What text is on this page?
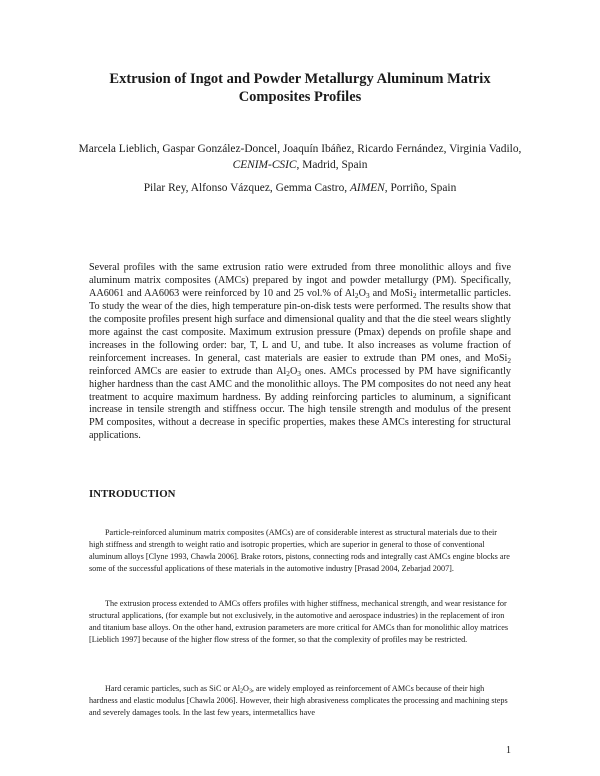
Extrusion of Ingot and Powder Metallurgy Aluminum Matrix
Composites Profiles
Marcela Lieblich, Gaspar González-Doncel, Joaquín Ibáñez, Ricardo Fernández, Virginia Vadilo, CENIM-CSIC, Madrid, Spain
Pilar Rey, Alfonso Vázquez, Gemma Castro, AIMEN, Porriño, Spain
Several profiles with the same extrusion ratio were extruded from three monolithic alloys and five aluminum matrix composites (AMCs) prepared by ingot and powder metallurgy (PM). Specifically, AA6061 and AA6063 were reinforced by 10 and 25 vol.% of $Al_2O_3$ and MoSi$_2$ intermetallic particles. To study the wear of the dies, high temperature pin-on-disk tests were performed. The results show that the composite profiles present high surface and dimensional quality and that the die steel wears slightly more against the cast composite. Maximum extrusion pressure (Pmax) depends on profile shape and increases in the following order: bar, T, L and U, and tube. It also increases as volume fraction of reinforcement increases. In general, cast materials are easier to extrude than PM ones, and MoSi$_2$ reinforced AMCs are easier to extrude than $Al_2O_3$ ones. AMCs processed by PM have significantly higher hardness than the cast AMC and the monolithic alloys. The PM composites do not need any heat treatment to acquire maximum hardness. By adding reinforcing particles to aluminum, a significant increase in tensile strength and stiffness occur. The high tensile strength and modulus of the present PM composites, without a decrease in specific properties, makes these AMCs interesting for structural applications.
INTRODUCTION
Particle-reinforced aluminum matrix composites (AMCs) are of considerable interest as structural materials due to their high stiffness and strength to weight ratio and isotropic properties, which are superior in general to those of conventional aluminum alloys [Clyne 1993, Chawla 2006]. Brake rotors, pistons, connecting rods and integrally cast AMCs engine blocks are some of the successful applications of these materials in the automotive industry [Prasad 2004, Zebarjad 2007].
The extrusion process extended to AMCs offers profiles with higher stiffness, mechanical strength, and wear resistance for structural applications, (for example but not exclusively, in the automotive and aerospace industries) in the replacement of iron and titanium base alloys. On the other hand, extrusion parameters are more critical for AMCs than for monolithic alloy matrices [Lieblich 1997] because of the higher flow stress of the former, so that the complexity of profiles may be restricted.
Hard ceramic particles, such as SiC or $Al_2O_3$, are widely employed as reinforcement of AMCs because of their high hardness and elastic modulus [Chawla 2006]. However, their high abrasiveness complicates the processing and machining steps and severely damages tools. In the last few years, intermetallics have
1
